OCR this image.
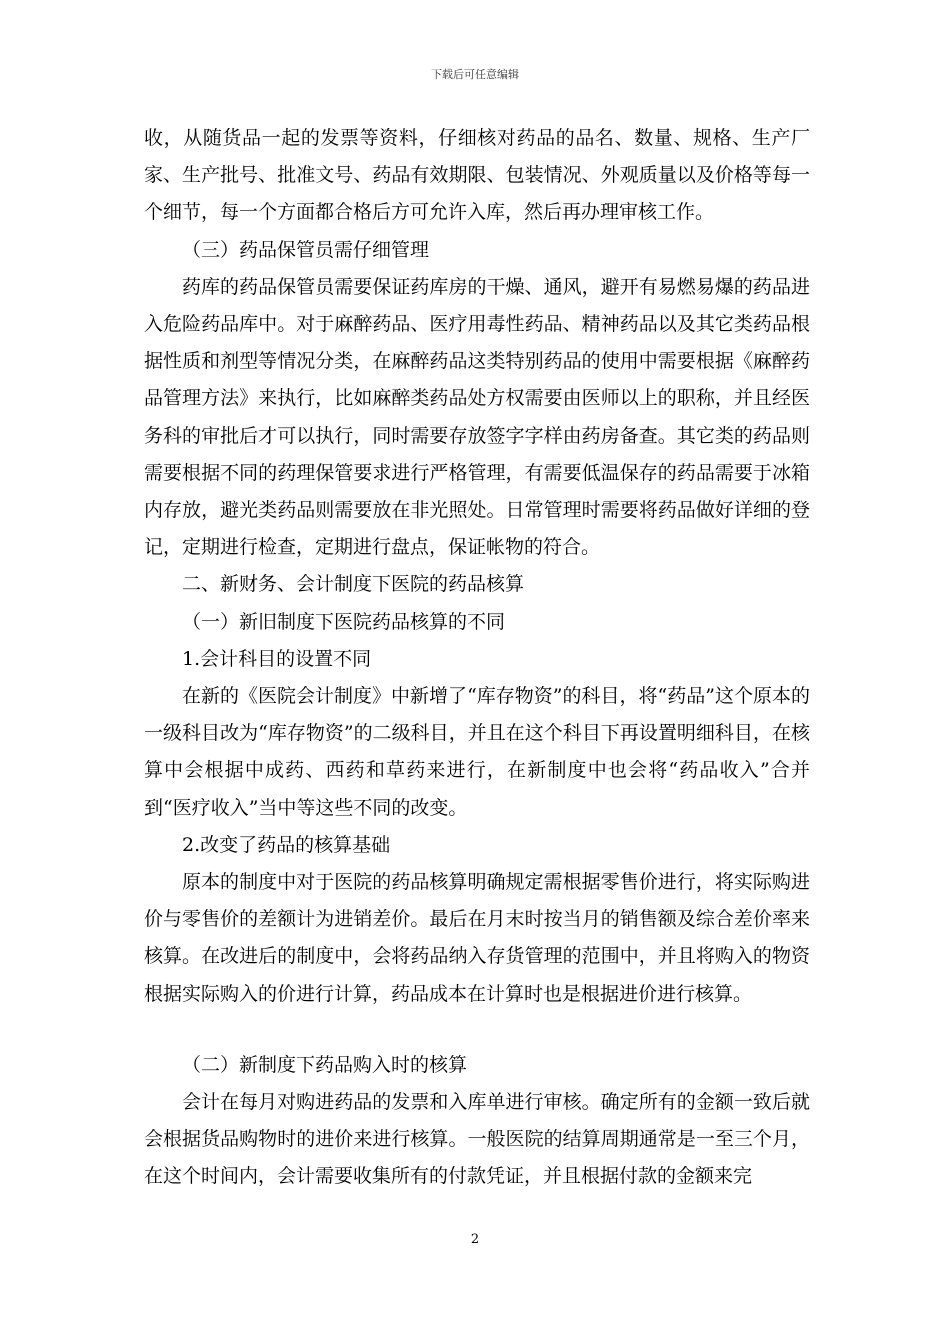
下载后可任意编辑

收，从随货品一起的发票等资料，仔细核对药品的品名、数量、规格、生产厂家、生产批号、批准文号、药品有效期限、包装情况、外观质量以及价格等每一个细节，每一个方面都合格后方可允许入库，然后再办理审核工作。

（三）药品保管员需仔细管理

药库的药品保管员需要保证药库房的干燥、通风，避开有易燃易爆的药品进入危险药品库中。对于麻醉药品、医疗用毒性药品、精神药品以及其它类药品根据性质和剂型等情况分类，在麻醉药品这类特别药品的使用中需要根据《麻醉药品管理方法》来执行，比如麻醉类药品处方权需要由医师以上的职称，并且经医务科的审批后才可以执行，同时需要存放签字字样由药房备查。其它类的药品则需要根据不同的药理保管要求进行严格管理，有需要低温保存的药品需要于冰箱内存放，避光类药品则需要放在非光照处。日常管理时需要将药品做好详细的登记，定期进行检查，定期进行盘点，保证帐物的符合。

二、新财务、会计制度下医院的药品核算

（一）新旧制度下医院药品核算的不同

1.会计科目的设置不同

在新的《医院会计制度》中新增了“库存物资”的科目，将“药品”这个原本的一级科目改为“库存物资”的二级科目，并且在这个科目下再设置明细科目，在核算中会根据中成药、西药和草药来进行，在新制度中也会将“药品收入”合并到“医疗收入”当中等这些不同的改变。

2.改变了药品的核算基础

原本的制度中对于医院的药品核算明确规定需根据零售价进行，将实际购进价与零售价的差额计为进销差价。最后在月末时按当月的销售额及综合差价率来核算。在改进后的制度中，会将药品纳入存货管理的范围中，并且将购入的物资根据实际购入的价进行计算，药品成本在计算时也是根据进价进行核算。

（二）新制度下药品购入时的核算

会计在每月对购进药品的发票和入库单进行审核。确定所有的金额一致后就会根据货品购物时的进价来进行核算。一般医院的结算周期通常是一至三个月，在这个时间内，会计需要收集所有的付款凭证，并且根据付款的金额来完

2
